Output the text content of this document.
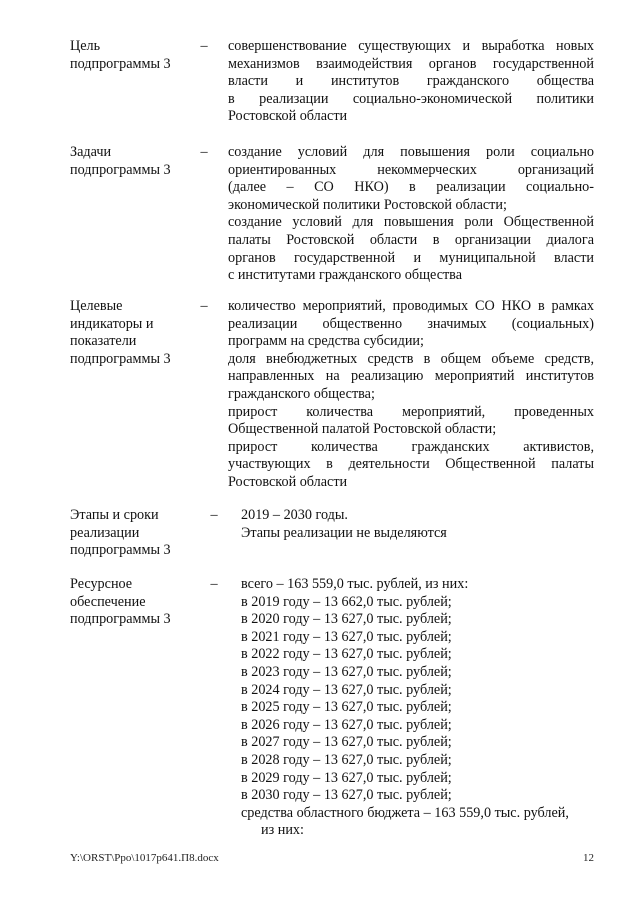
Цель
подпрограммы 3
– совершенствование существующих и выработка новых
механизмов взаимодействия органов государственной
власти и институтов гражданского общества
в реализации социально-экономической политики
Ростовской области
Задачи
подпрограммы 3
– создание условий для повышения роли социально
ориентированных некоммерческих организаций
(далее – СО НКО) в реализации социально-
экономической политики Ростовской области;
создание условий для повышения роли Общественной
палаты Ростовской области в организации диалога
органов государственной и муниципальной власти
с институтами гражданского общества
Целевые
индикаторы и
показатели
подпрограммы 3
– количество мероприятий, проводимых СО НКО в рамках
реализации общественно значимых (социальных)
программ на средства субсидии;
доля внебюджетных средств в общем объеме средств,
направленных на реализацию мероприятий институтов
гражданского общества;
прирост количества мероприятий, проведенных
Общественной палатой Ростовской области;
прирост количества гражданских активистов,
участвующих в деятельности Общественной палаты
Ростовской области
Этапы и сроки
реализации
подпрограммы 3
– 2019 – 2030 годы.
Этапы реализации не выделяются
Ресурсное
обеспечение
подпрограммы 3
– всего – 163 559,0 тыс. рублей, из них:
в 2019 году – 13 662,0 тыс. рублей;
в 2020 году – 13 627,0 тыс. рублей;
в 2021 году – 13 627,0 тыс. рублей;
в 2022 году – 13 627,0 тыс. рублей;
в 2023 году – 13 627,0 тыс. рублей;
в 2024 году – 13 627,0 тыс. рублей;
в 2025 году – 13 627,0 тыс. рублей;
в 2026 году – 13 627,0 тыс. рублей;
в 2027 году – 13 627,0 тыс. рублей;
в 2028 году – 13 627,0 тыс. рублей;
в 2029 году – 13 627,0 тыс. рублей;
в 2030 году – 13 627,0 тыс. рублей;
средства областного бюджета – 163 559,0 тыс. рублей,
из них:
Y:\ORST\Ppo\1017p641.П8.docx	12
